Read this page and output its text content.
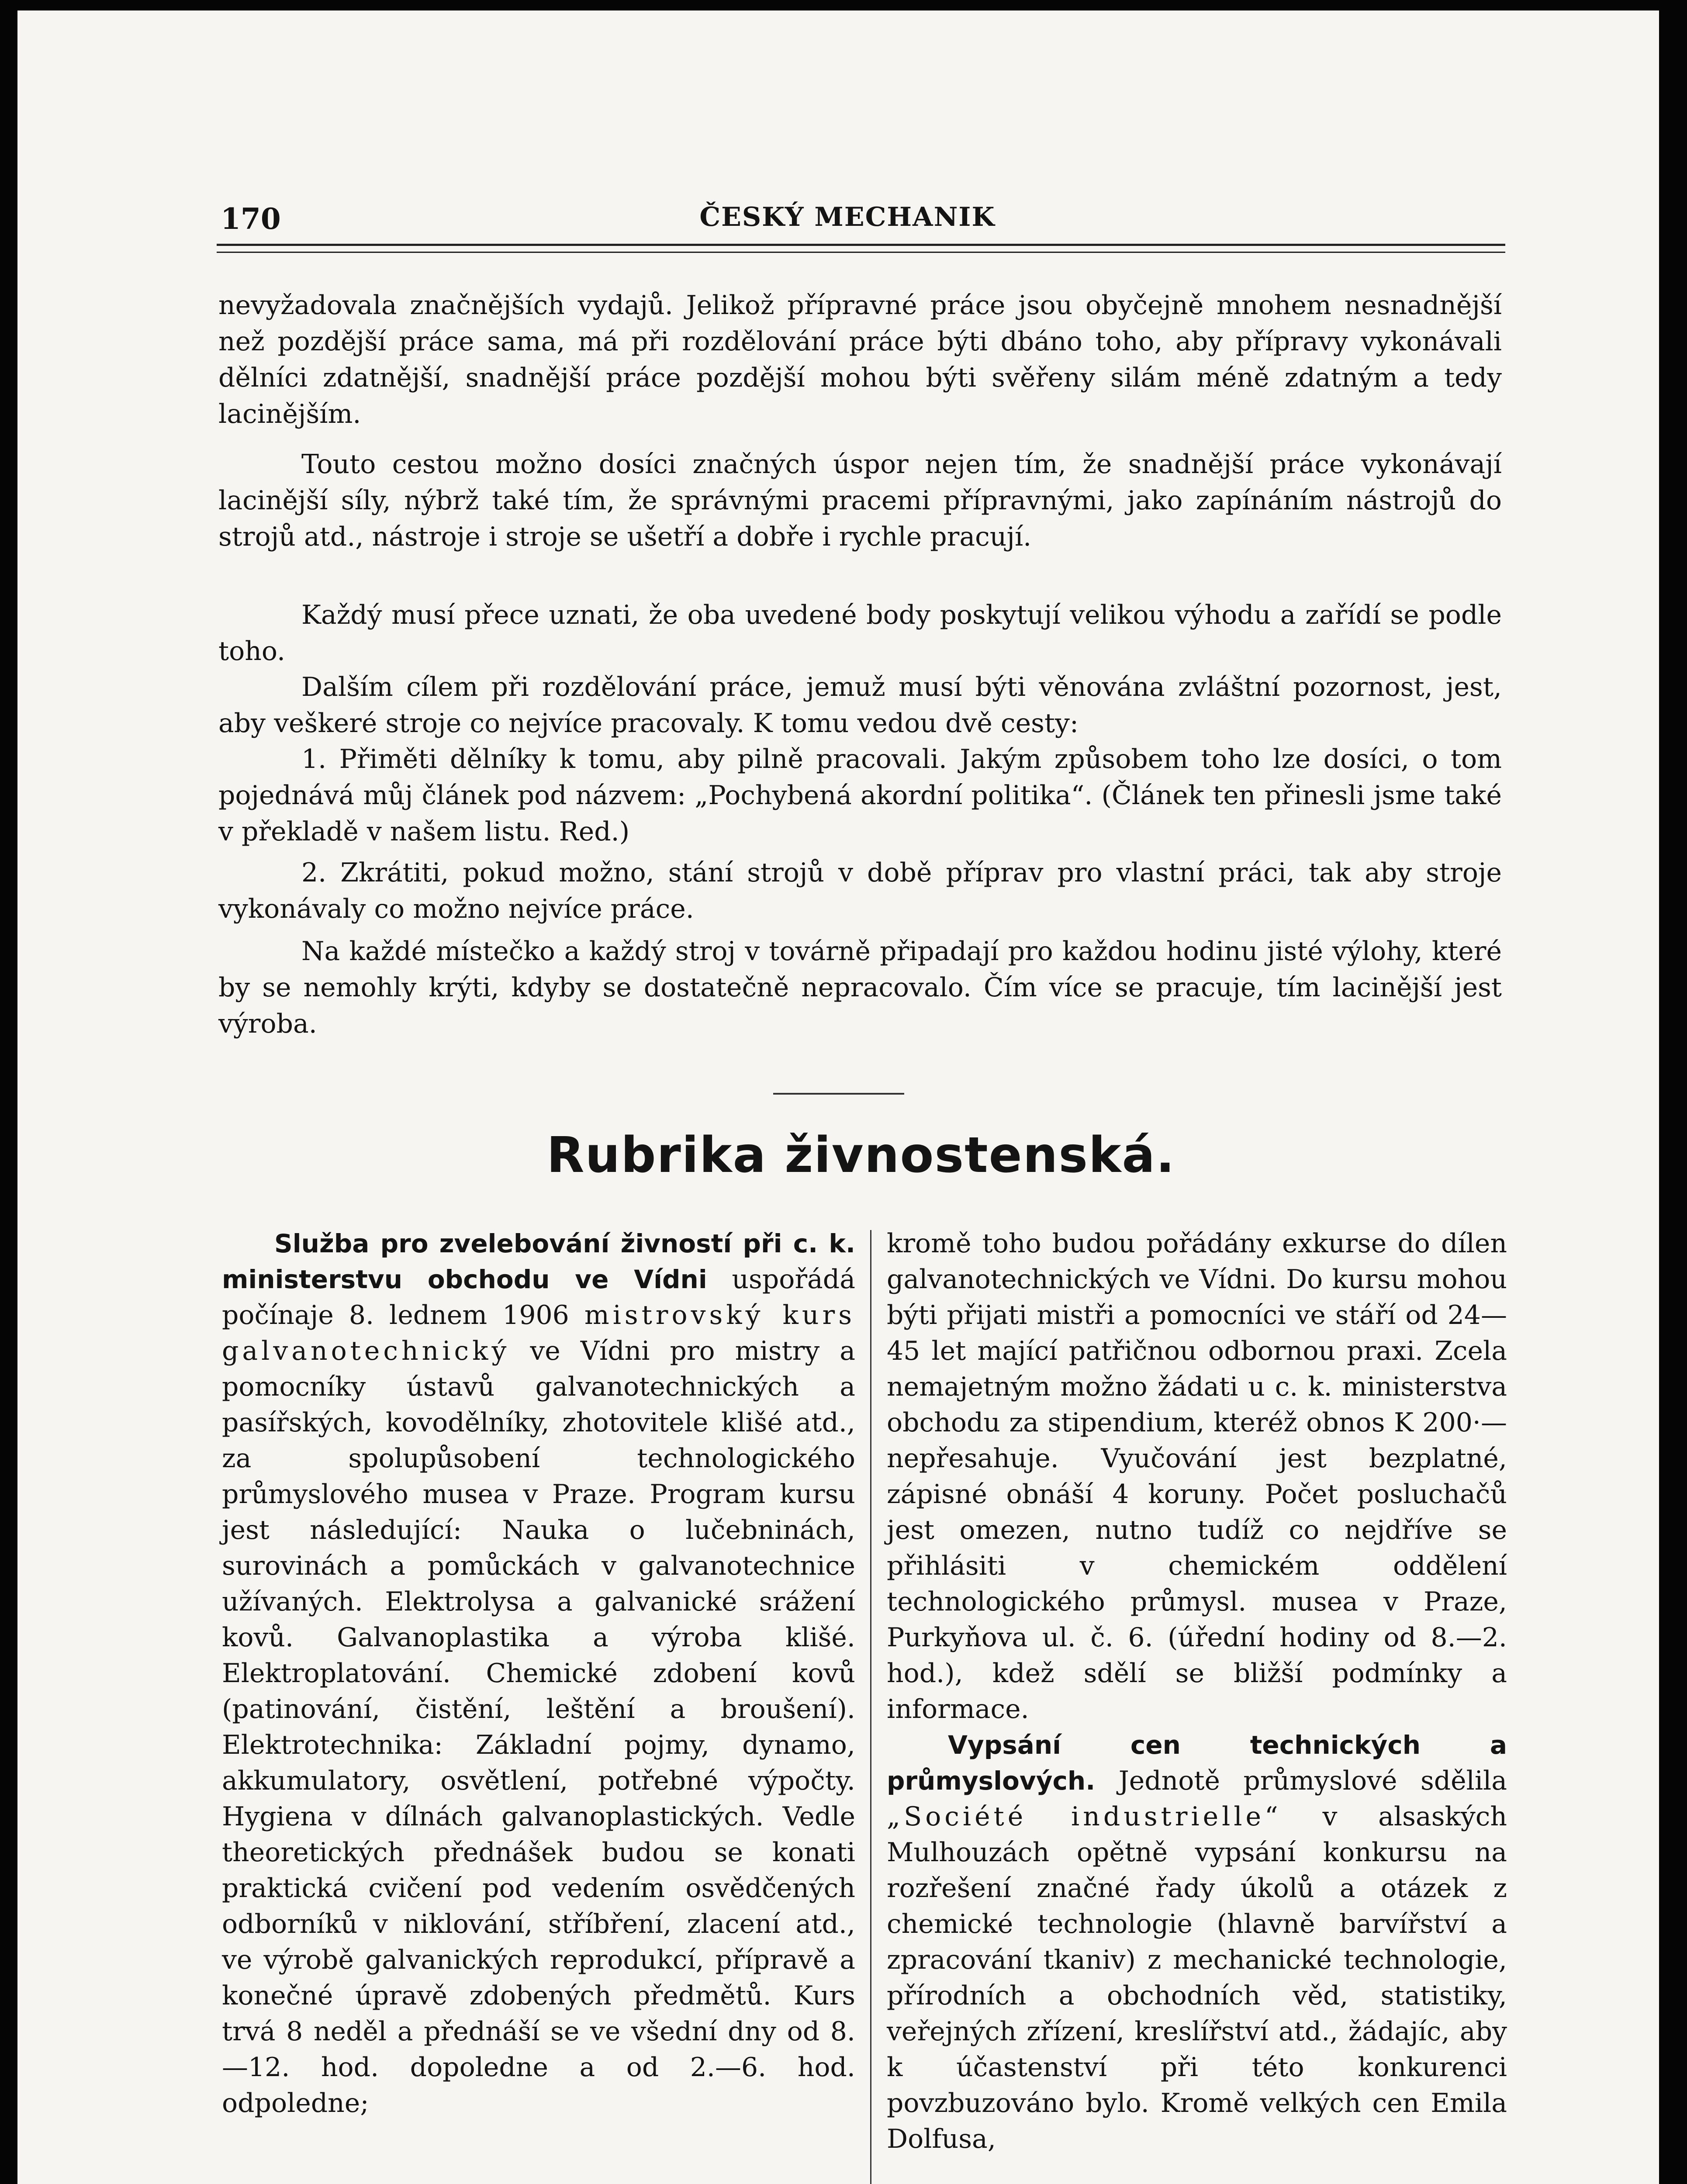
170	ČESKÝ MECHANIK

nevyžadovala značnějších vydajů. Jelikož přípravné práce jsou obyčejně mnohem nesnadnější než pozdější práce sama, má při rozdělování práce býti dbáno toho, aby přípravy vykonávali dělníci zdatnější, snadnější práce pozdější mohou býti svěřeny silám méně zdatným a tedy lacinějším.

Touto cestou možno dosíci značných úspor nejen tím, že snadnější práce vykonávají lacinější síly, nýbrž také tím, že správnými pracemi přípravnými, jako zapínáním nástrojů do strojů atd., nástroje i stroje se ušetří a dobře i rychle pracují.

Každý musí přece uznati, že oba uvedené body poskytují velikou výhodu a zařídí se podle toho.

Dalším cílem při rozdělování práce, jemuž musí býti věnována zvláštní pozornost, jest, aby veškeré stroje co nejvíce pracovaly. K tomu vedou dvě cesty:

1. Přiměti dělníky k tomu, aby pilně pracovali. Jakým způsobem toho lze dosíci, o tom pojednává můj článek pod názvem: „Pochybená akordní politika“. (Článek ten přinesli jsme také v překladě v našem listu. Red.)

2. Zkrátiti, pokud možno, stání strojů v době příprav pro vlastní práci, tak aby stroje vykonávaly co možno nejvíce práce.

Na každé místečko a každý stroj v továrně připadají pro každou hodinu jisté výlohy, které by se nemohly krýti, kdyby se dostatečně nepracovalo. Čím více se pracuje, tím lacinější jest výroba.

Rubrika živnostenská.

Služba pro zvelebování živností při c. k. ministerstvu obchodu ve Vídni uspořádá počínaje 8. lednem 1906 mistrovský kurs galvanotechnický ve Vídni pro mistry a pomocníky ústavů galvanotechnických a pasířských, kovodělníky, zhotovitele klišé atd., za spolupůsobení technologického průmyslového musea v Praze. Program kursu jest následující: Nauka o lučebninách, surovinách a pomůckách v galvanotechnice užívaných. Elektrolysa a galvanické srážení kovů. Galvanoplastika a výroba klišé. Elektroplatování. Chemické zdobení kovů (patinování, čistění, leštění a broušení). Elektrotechnika: Základní pojmy, dynamo, akkumulatory, osvětlení, potřebné výpočty. Hygiena v dílnách galvanoplastických. Vedle theoretických přednášek budou se konati praktická cvičení pod vedením osvědčených odborníků v niklování, stříbření, zlacení atd., ve výrobě galvanických reprodukcí, přípravě a konečné úpravě zdobených předmětů. Kurs trvá 8 neděl a přednáší se ve všední dny od 8.—12. hod. dopoledne a od 2.—6. hod. odpoledne;

kromě toho budou pořádány exkurse do dílen galvanotechnických ve Vídni. Do kursu mohou býti přijati mistři a pomocníci ve stáří od 24—45 let mající patřičnou odbornou praxi. Zcela nemajetným možno žádati u c. k. ministerstva obchodu za stipendium, kteréž obnos K 200·— nepřesahuje. Vyučování jest bezplatné, zápisné obnáší 4 koruny. Počet posluchačů jest omezen, nutno tudíž co nejdříve se přihlásiti v chemickém oddělení technologického průmysl. musea v Praze, Purkyňova ul. č. 6. (úřední hodiny od 8.—2. hod.), kdež sdělí se bližší podmínky a informace.
Vypsání cen technických a průmyslových. Jednotě průmyslové sdělila „Société industrielle“ v alsaských Mulhouzách opětně vypsání konkursu na rozřešení značné řady úkolů a otázek z chemické technologie (hlavně barvířství a zpracování tkaniv) z mechanické technologie, přírodních a obchodních věd, statistiky, veřejných zřízení, kreslířství atd., žádajíc, aby k účastenství při této konkurenci povzbuzováno bylo. Kromě velkých cen Emila Dolfusa,
